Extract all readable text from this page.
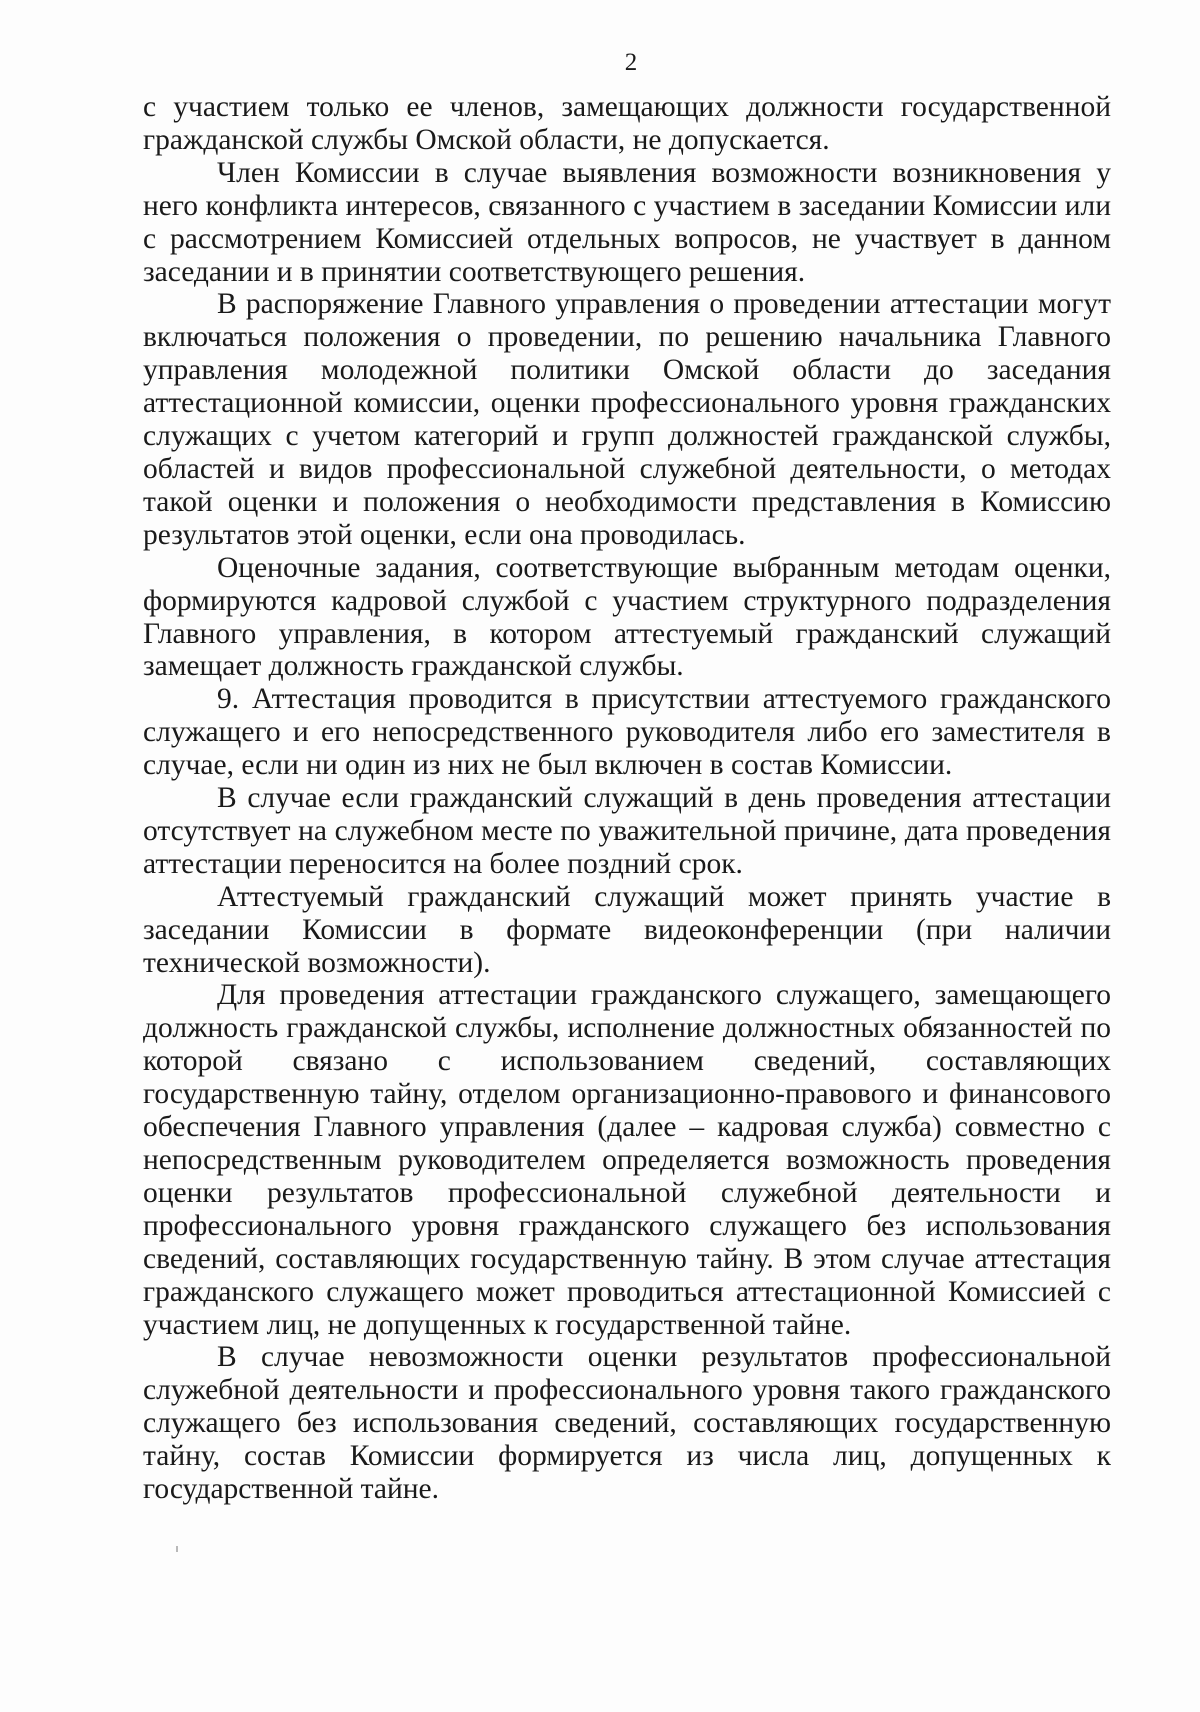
2

с участием только ее членов, замещающих должности государственной гражданской службы Омской области, не допускается.

Член Комиссии в случае выявления возможности возникновения у него конфликта интересов, связанного с участием в заседании Комиссии или с рассмотрением Комиссией отдельных вопросов, не участвует в данном заседании и в принятии соответствующего решения.

В распоряжение Главного управления о проведении аттестации могут включаться положения о проведении, по решению начальника Главного управления молодежной политики Омской области до заседания аттестационной комиссии, оценки профессионального уровня гражданских служащих с учетом категорий и групп должностей гражданской службы, областей и видов профессиональной служебной деятельности, о методах такой оценки и положения о необходимости представления в Комиссию результатов этой оценки, если она проводилась.

Оценочные задания, соответствующие выбранным методам оценки, формируются кадровой службой с участием структурного подразделения Главного управления, в котором аттестуемый гражданский служащий замещает должность гражданской службы.

9. Аттестация проводится в присутствии аттестуемого гражданского служащего и его непосредственного руководителя либо его заместителя в случае, если ни один из них не был включен в состав Комиссии.

В случае если гражданский служащий в день проведения аттестации отсутствует на служебном месте по уважительной причине, дата проведения аттестации переносится на более поздний срок.

Аттестуемый гражданский служащий может принять участие в заседании Комиссии в формате видеоконференции (при наличии технической возможности).

Для проведения аттестации гражданского служащего, замещающего должность гражданской службы, исполнение должностных обязанностей по которой связано с использованием сведений, составляющих государственную тайну, отделом организационно-правового и финансового обеспечения Главного управления (далее – кадровая служба) совместно с непосредственным руководителем определяется возможность проведения оценки результатов профессиональной служебной деятельности и профессионального уровня гражданского служащего без использования сведений, составляющих государственную тайну. В этом случае аттестация гражданского служащего может проводиться аттестационной Комиссией с участием лиц, не допущенных к государственной тайне.

В случае невозможности оценки результатов профессиональной служебной деятельности и профессионального уровня такого гражданского служащего без использования сведений, составляющих государственную тайну, состав Комиссии формируется из числа лиц, допущенных к государственной тайне.
